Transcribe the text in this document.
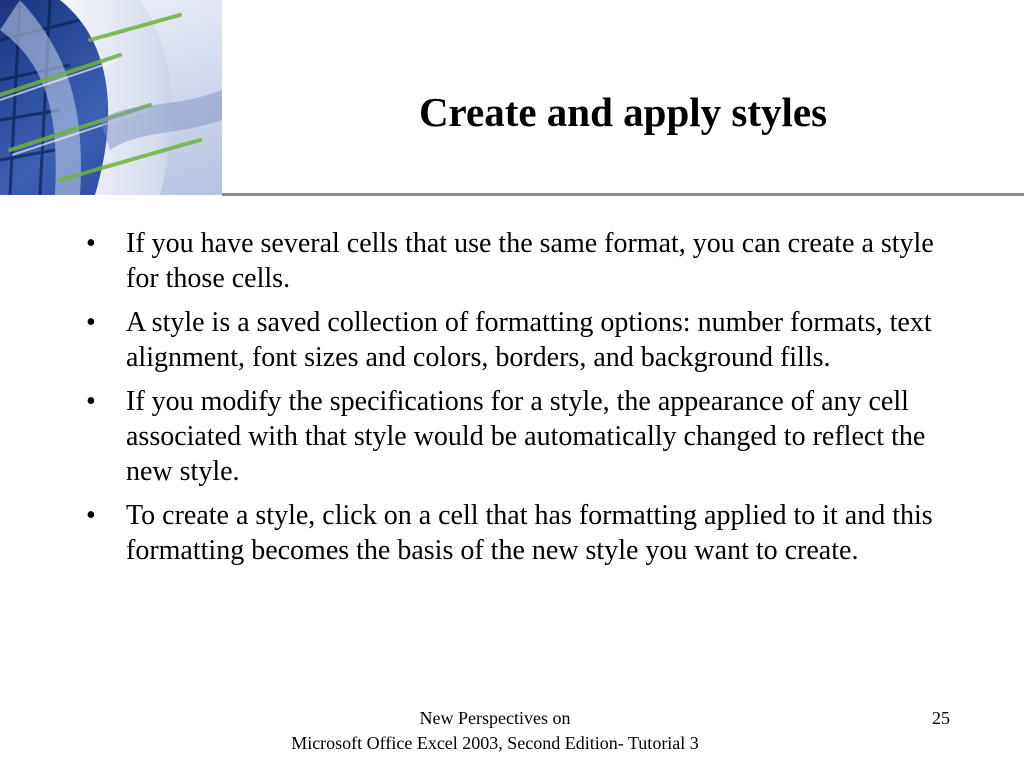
Create and apply styles
• If you have several cells that use the same format, you can create a style for those cells.
• A style is a saved collection of formatting options: number formats, text alignment, font sizes and colors, borders, and background fills.
• If you modify the specifications for a style, the appearance of any cell associated with that style would be automatically changed to reflect the new style.
• To create a style, click on a cell that has formatting applied to it and this formatting becomes the basis of the new style you want to create.
New Perspectives on
Microsoft Office Excel 2003, Second Edition- Tutorial 3
25
